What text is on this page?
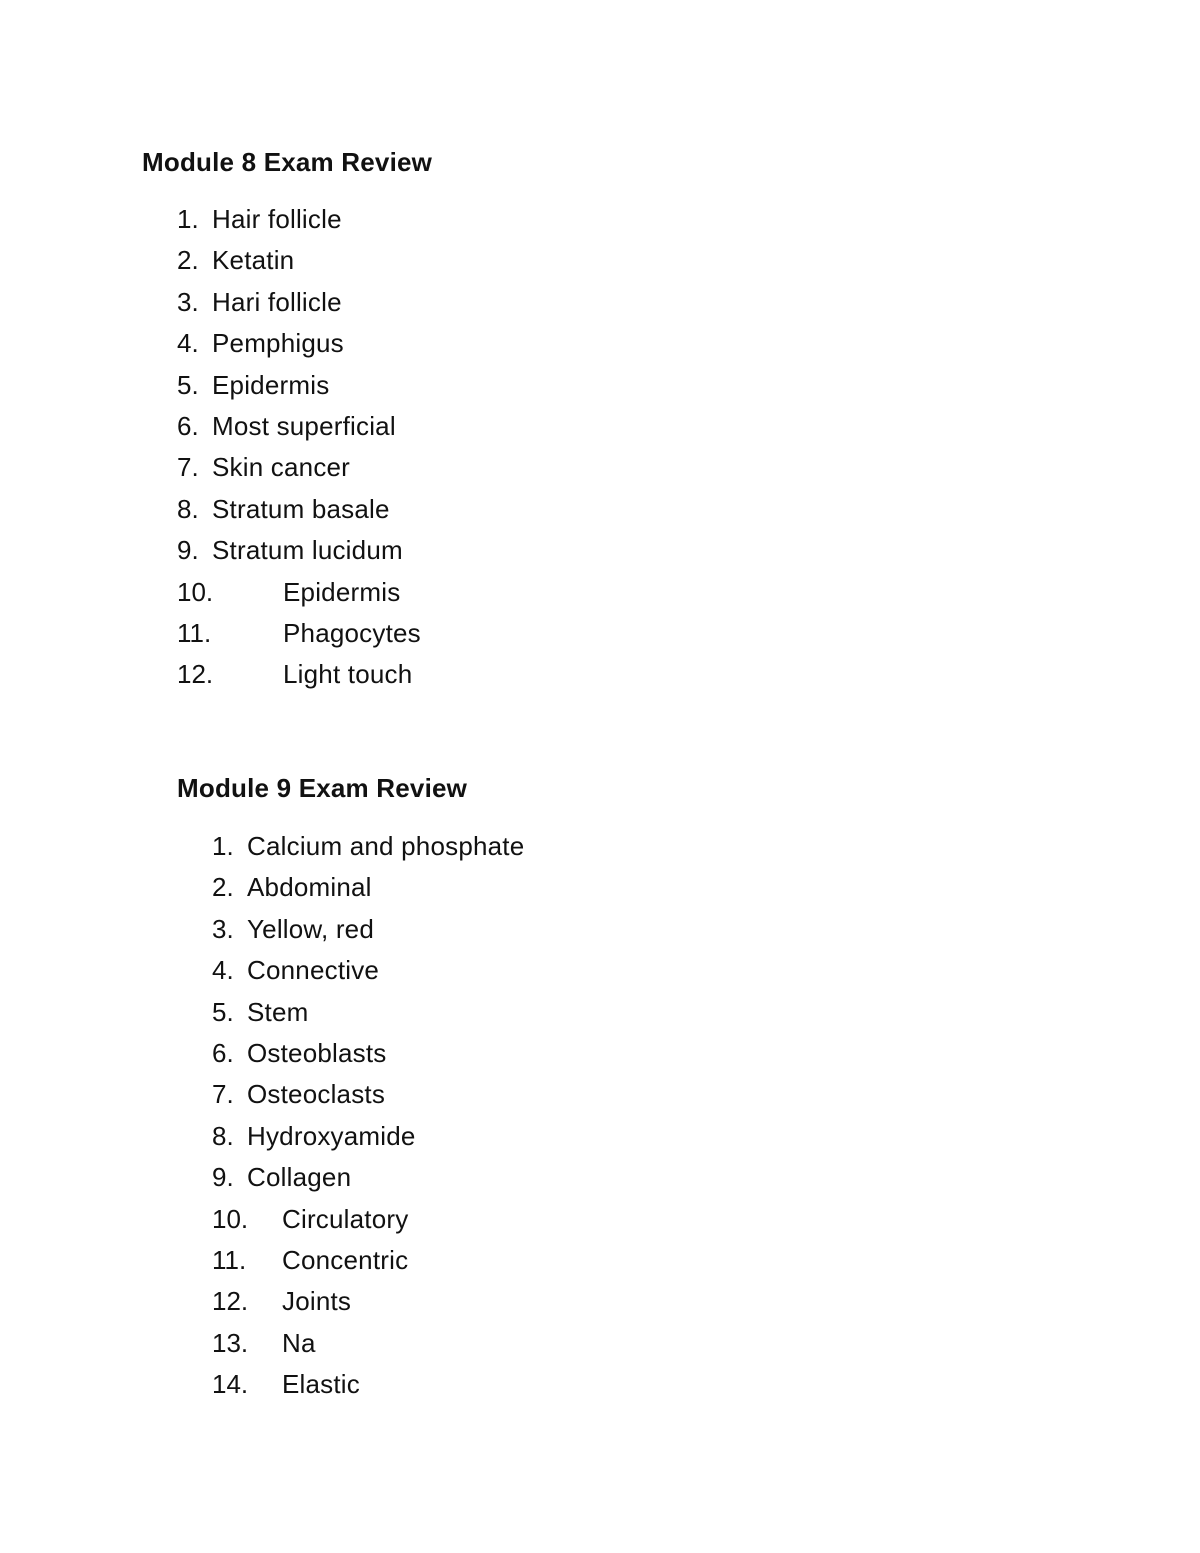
Module 8 Exam Review
1. Hair follicle
2. Ketatin
3. Hari follicle
4. Pemphigus
5. Epidermis
6. Most superficial
7. Skin cancer
8. Stratum basale
9. Stratum lucidum
10.	Epidermis
11.	Phagocytes
12.	Light touch
Module 9 Exam Review
1. Calcium and phosphate
2. Abdominal
3. Yellow, red
4. Connective
5. Stem
6. Osteoblasts
7. Osteoclasts
8. Hydroxyamide
9. Collagen
10. Circulatory
11. Concentric
12. Joints
13. Na
14. Elastic
